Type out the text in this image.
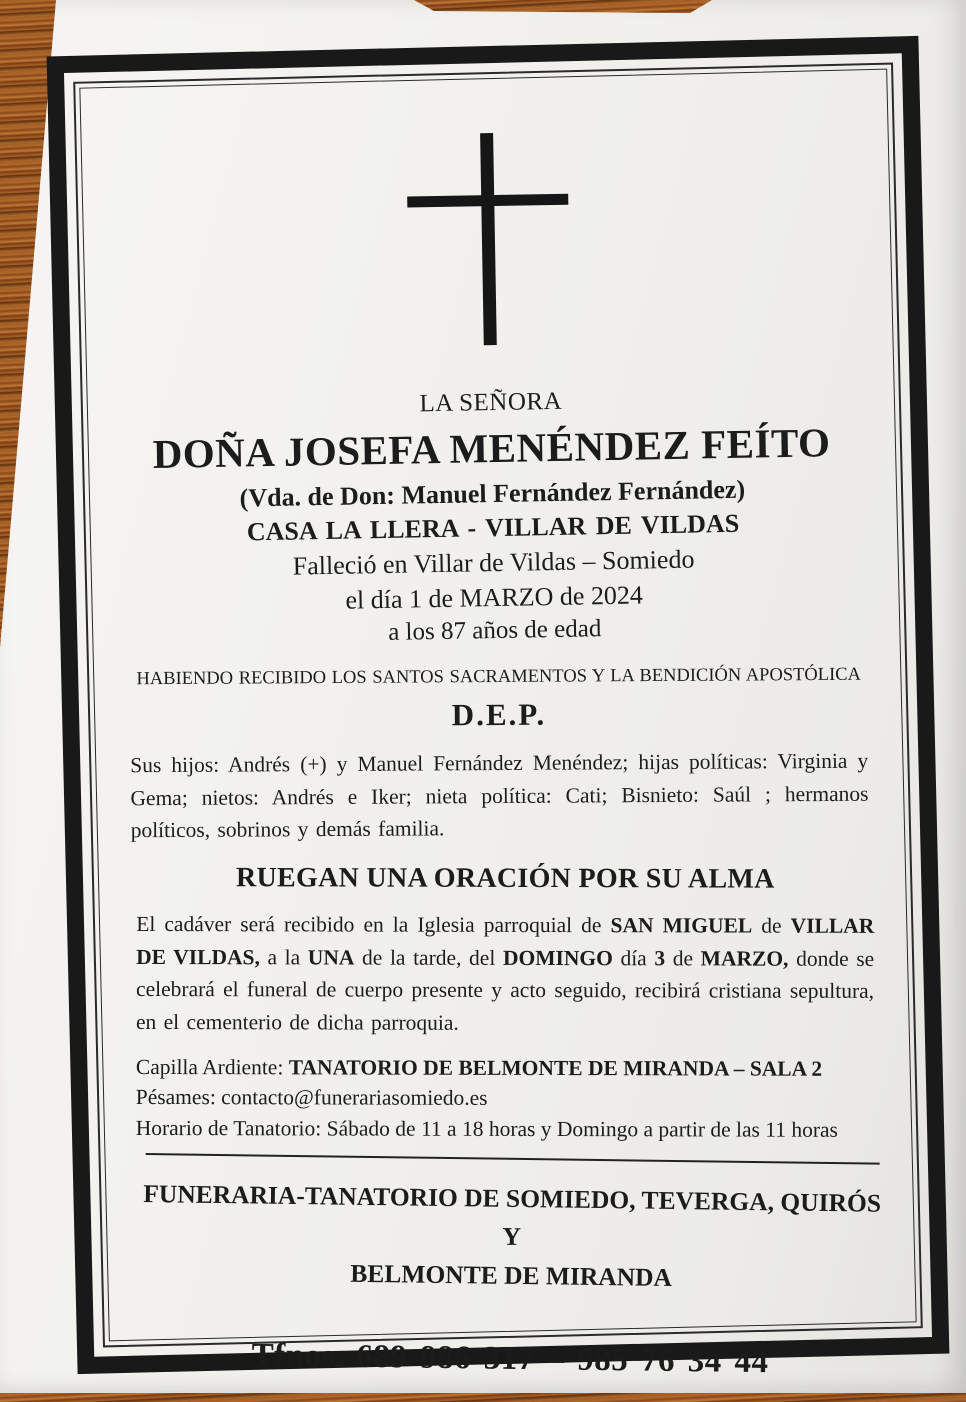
LA SEÑORA
DOÑA JOSEFA MENÉNDEZ FEÍTO
(Vda. de Don: Manuel Fernández Fernández)
CASA LA LLERA - VILLAR DE VILDAS
Falleció en Villar de Vildas – Somiedo
el día 1 de MARZO de 2024
a los 87 años de edad
HABIENDO RECIBIDO LOS SANTOS SACRAMENTOS Y LA BENDICIÓN APOSTÓLICA
D.E.P.
Sus hijos: Andrés (+) y Manuel Fernández Menéndez; hijas políticas: Virginia y Gema; nietos: Andrés e Iker; nieta política: Cati; Bisnieto: Saúl ; hermanos políticos, sobrinos y demás familia.
RUEGAN UNA ORACIÓN POR SU ALMA
El cadáver será recibido en la Iglesia parroquial de SAN MIGUEL de VILLAR DE VILDAS, a la UNA de la tarde, del DOMINGO día 3 de MARZO, donde se celebrará el funeral de cuerpo presente y acto seguido, recibirá cristiana sepultura, en el cementerio de dicha parroquia.
Capilla Ardiente: TANATORIO DE BELMONTE DE MIRANDA – SALA 2
Pésames: contacto@funerariasomiedo.es
Horario de Tanatorio: Sábado de 11 a 18 horas y Domingo a partir de las 11 horas
FUNERARIA-TANATORIO DE SOMIEDO, TEVERGA, QUIRÓS Y
BELMONTE DE MIRANDA
Tfnos. 689 986 317 – 985 76 34 44
